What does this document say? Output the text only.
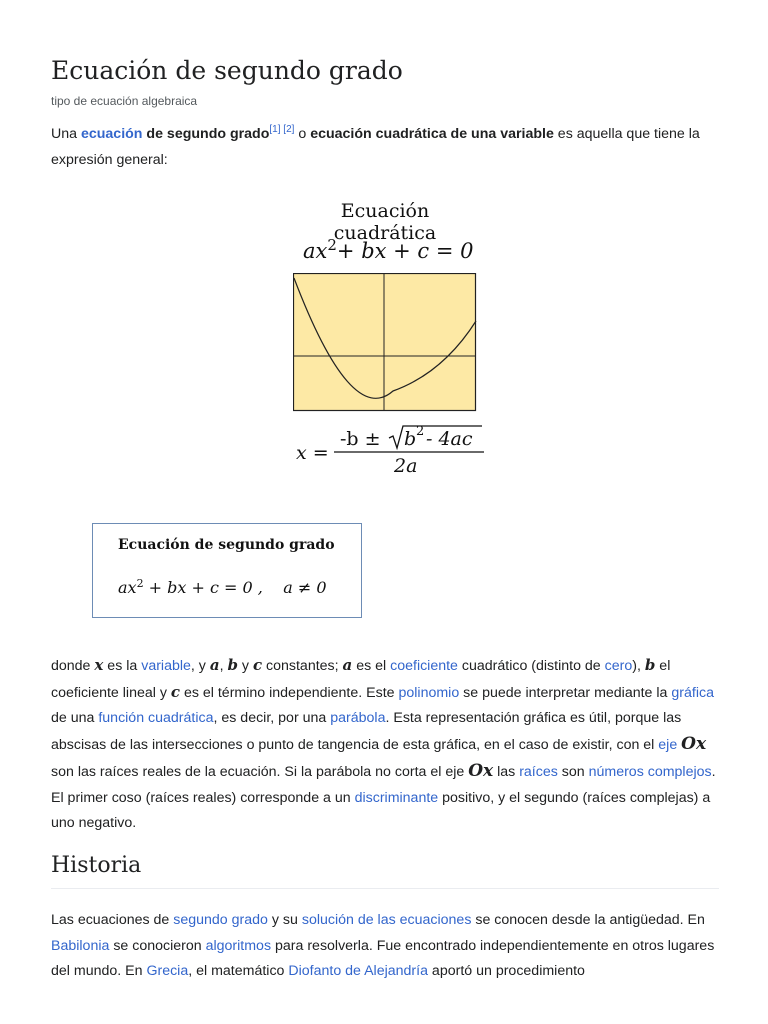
Ecuación de segundo grado
tipo de ecuación algebraica

Una ecuación de segundo grado[1] [2] o ecuación cuadrática de una variable es aquella que tiene la expresión general:

Ecuación cuadrática
$ax^2+$ bx + c = 0
x =
-b ± b 2 - 4ac
2a
Ecuación de segundo grado
$ax^2$ + bx + c = 0 ,    a ≠ 0

donde x es la variable, y a, b y c constantes; a es el coeficiente cuadrático (distinto de cero), b el coeficiente lineal y c es el término independiente. Este polinomio se puede interpretar mediante la gráfica de una función cuadrática, es decir, por una parábola. Esta representación gráfica es útil, porque las abscisas de las intersecciones o punto de tangencia de esta gráfica, en el caso de existir, con el eje Ox son las raíces reales de la ecuación. Si la parábola no corta el eje Ox las raíces son números complejos. El primer coso (raíces reales) corresponde a un discriminante positivo, y el segundo (raíces complejas) a uno negativo.

Historia

Las ecuaciones de segundo grado y su solución de las ecuaciones se conocen desde la antigüedad. En Babilonia se conocieron algoritmos para resolverla. Fue encontrado independientemente en otros lugares del mundo. En Grecia, el matemático Diofanto de Alejandría aportó un procedimiento
